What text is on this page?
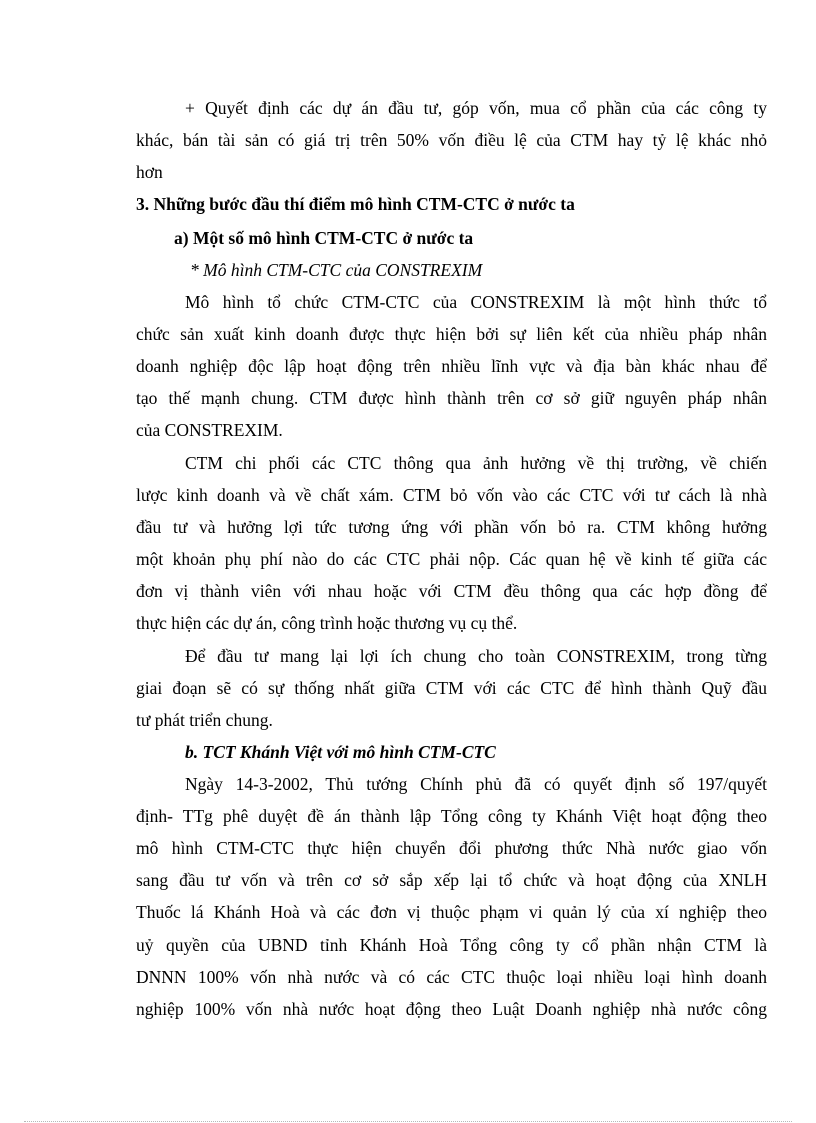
+ Quyết định các dự án đầu tư, góp vốn, mua cổ phần của các công ty
khác, bán tài sản có giá trị trên 50% vốn điều lệ của CTM hay tỷ lệ khác nhỏ
hơn
3. Những bước đầu thí điểm mô hình CTM-CTC ở nước ta
a) Một số mô hình CTM-CTC ở nước ta
* Mô hình CTM-CTC của CONSTREXIM
Mô hình tổ chức CTM-CTC của CONSTREXIM là một hình thức tổ
chức sản xuất kinh doanh được thực hiện bởi sự liên kết của nhiều pháp nhân
doanh nghiệp độc lập hoạt động trên nhiều lĩnh vực và địa bàn khác nhau để
tạo thế mạnh chung. CTM được hình thành trên cơ sở giữ nguyên pháp nhân
của CONSTREXIM.
CTM chi phối các CTC thông qua ảnh hưởng về thị trường, về chiến
lược kinh doanh và về chất xám. CTM bỏ vốn vào các CTC với tư cách là nhà
đầu tư và hưởng lợi tức tương ứng với phần vốn bỏ ra. CTM không hưởng
một khoản phụ phí nào do các CTC phải nộp. Các quan hệ về kinh tế giữa các
đơn vị thành viên với nhau hoặc với CTM đều thông qua các hợp đồng để
thực hiện các dự án, công trình hoặc thương vụ cụ thể.
Để đầu tư mang lại lợi ích chung cho toàn CONSTREXIM, trong từng
giai đoạn sẽ có sự thống nhất giữa CTM với các CTC để hình thành Quỹ đầu
tư phát triển chung.
b. TCT Khánh Việt với mô hình CTM-CTC
Ngày 14-3-2002, Thủ tướng Chính phủ đã có quyết định số 197/quyết
định- TTg phê duyệt đề án thành lập Tổng công ty Khánh Việt hoạt động theo
mô hình CTM-CTC thực hiện chuyển đổi phương thức Nhà nước giao vốn
sang đầu tư vốn và trên cơ sở sắp xếp lại tổ chức và hoạt động của XNLH
Thuốc lá Khánh Hoà và các đơn vị thuộc phạm vi quản lý của xí nghiệp theo
uỷ quyền của UBND tỉnh Khánh Hoà Tổng công ty cổ phần nhận CTM là
DNNN 100% vốn nhà nước và có các CTC thuộc loại nhiều loại hình doanh
nghiệp 100% vốn nhà nước hoạt động theo Luật Doanh nghiệp nhà nước công
